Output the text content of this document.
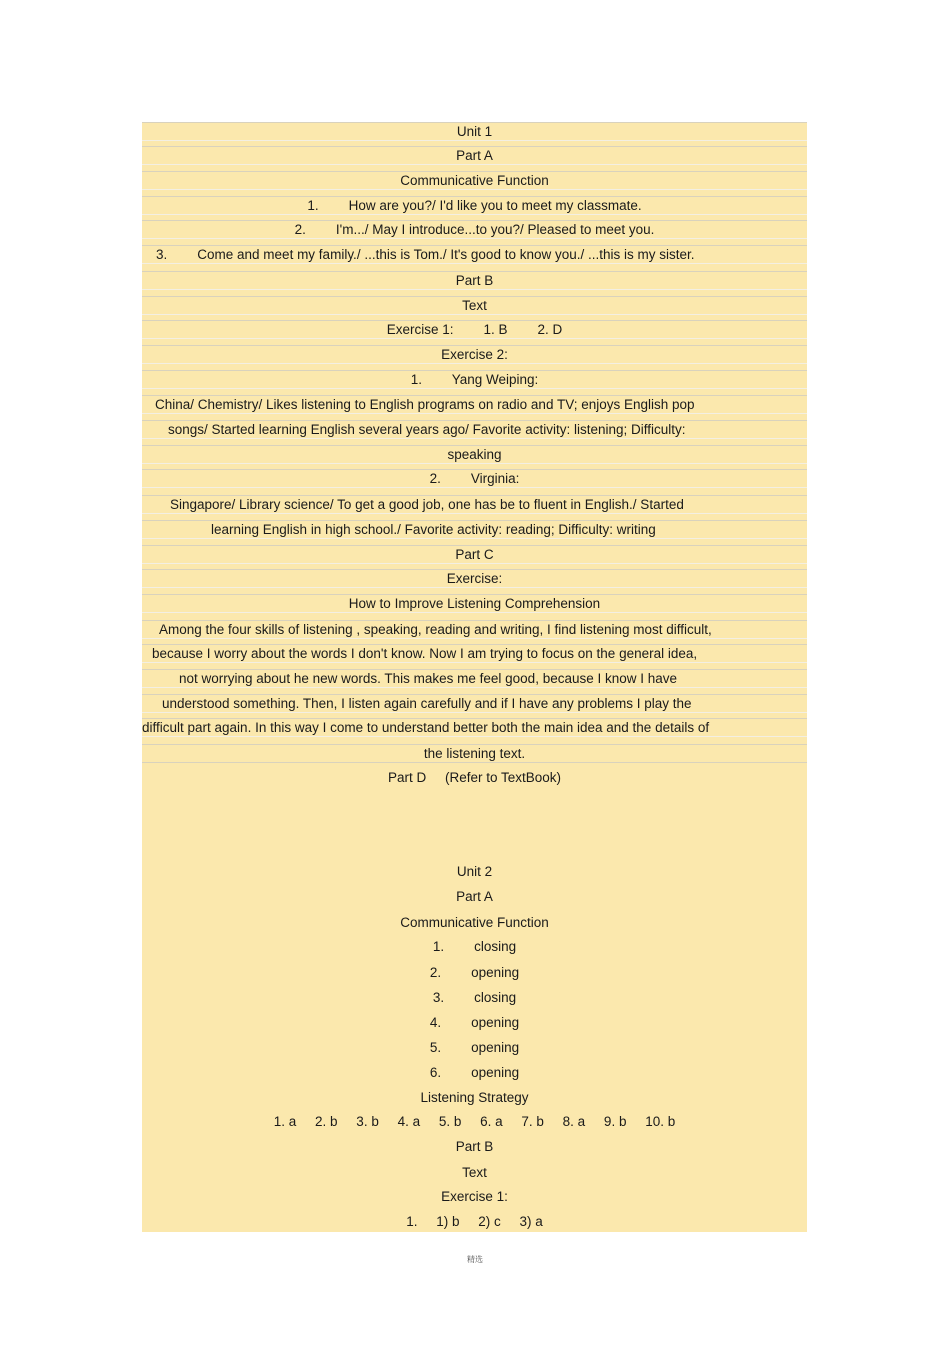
Unit 1
Part A
Communicative Function
1.        How are you?/ I'd like you to meet my classmate.
2.        I'm.../ May I introduce...to you?/ Pleased to meet you.
3.        Come and meet my family./ ...this is Tom./ It's good to know you./ ...this is my sister.
Part B
Text
Exercise 1:        1. B        2. D
Exercise 2:
1.        Yang Weiping:
China/ Chemistry/ Likes listening to English programs on radio and TV; enjoys English pop
songs/ Started learning English several years ago/ Favorite activity: listening; Difficulty:
speaking
2.        Virginia:
Singapore/ Library science/ To get a good job, one has be to fluent in English./ Started
learning English in high school./ Favorite activity: reading; Difficulty: writing
Part C
Exercise:
How to Improve Listening Comprehension
Among the four skills of listening , speaking, reading and writing, I find listening most difficult,
because I worry about the words I don't know. Now I am trying to focus on the general idea,
not worrying about he new words. This makes me feel good, because I know I have
understood something. Then, I listen again carefully and if I have any problems I play the
difficult part again. In this way I come to understand better both the main idea and the details of
the listening text.
Part D     (Refer to TextBook)
Unit 2
Part A
Communicative Function
1.        closing
2.        opening
3.        closing
4.        opening
5.        opening
6.        opening
Listening Strategy
1. a     2. b     3. b     4. a     5. b     6. a     7. b     8. a     9. b     10. b
Part B
Text
Exercise 1:
1.     1) b     2) c     3) a
精选
